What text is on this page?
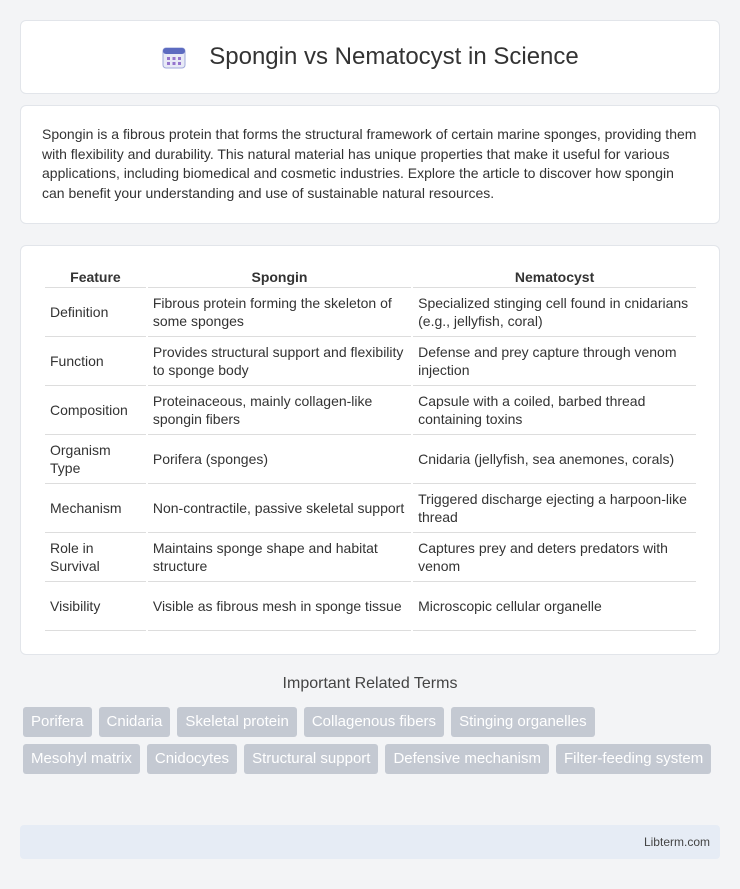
Spongin vs Nematocyst in Science

Spongin is a fibrous protein that forms the structural framework of certain marine sponges, providing them with flexibility and durability. This natural material has unique properties that make it useful for various applications, including biomedical and cosmetic industries. Explore the article to discover how spongin can benefit your understanding and use of sustainable natural resources.

Feature	Spongin	Nematocyst
Definition	Fibrous protein forming the skeleton of some sponges	Specialized stinging cell found in cnidarians (e.g., jellyfish, coral)
Function	Provides structural support and flexibility to sponge body	Defense and prey capture through venom injection
Composition	Proteinaceous, mainly collagen-like spongin fibers	Capsule with a coiled, barbed thread containing toxins
Organism Type	Porifera (sponges)	Cnidaria (jellyfish, sea anemones, corals)
Mechanism	Non-contractile, passive skeletal support	Triggered discharge ejecting a harpoon-like thread
Role in Survival	Maintains sponge shape and habitat structure	Captures prey and deters predators with venom
Visibility	Visible as fibrous mesh in sponge tissue	Microscopic cellular organelle
Important Related Terms
Porifera	Cnidaria	Skeletal protein	Collagenous fibers	Stinging organelles
Mesohyl matrix	Cnidocytes	Structural support	Defensive mechanism	Filter-feeding system
Libterm.com
